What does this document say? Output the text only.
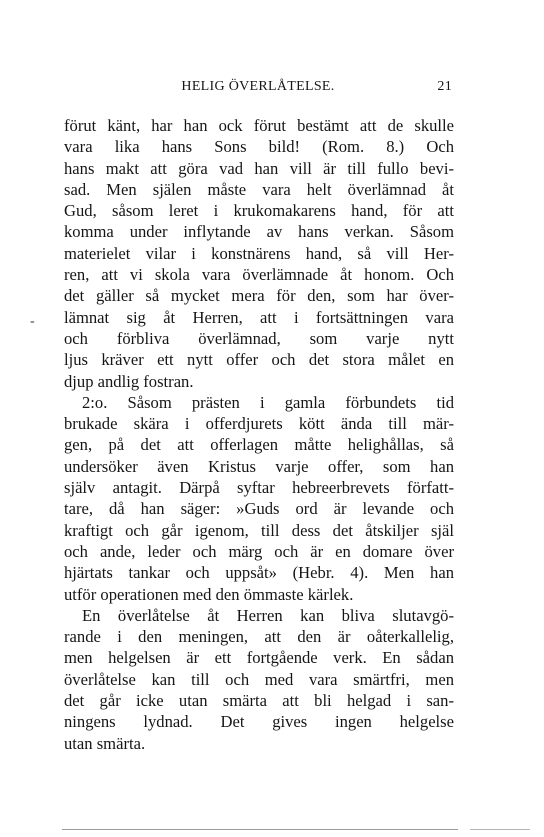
HELIG ÖVERLÅTELSE.	21
-
förut känt, har han ock förut bestämt att de skulle
vara lika hans Sons bild! (Rom. 8.) Och
hans makt att göra vad han vill är till fullo bevi-
sad. Men själen måste vara helt överlämnad åt
Gud, såsom leret i krukomakarens hand, för att
komma under inflytande av hans verkan. Såsom
materielet vilar i konstnärens hand, så vill Her-
ren, att vi skola vara överlämnade åt honom. Och
det gäller så mycket mera för den, som har över-
lämnat sig åt Herren, att i fortsättningen vara
och förbliva överlämnad, som varje nytt
ljus kräver ett nytt offer och det stora målet en
djup andlig fostran.
2:o. Såsom prästen i gamla förbundets tid
brukade skära i offerdjurets kött ända till mär-
gen, på det att offerlagen måtte helighållas, så
undersöker även Kristus varje offer, som han
själv antagit. Därpå syftar hebreerbrevets författ-
tare, då han säger: »Guds ord är levande och
kraftigt och går igenom, till dess det åtskiljer själ
och ande, leder och märg och är en domare över
hjärtats tankar och uppsåt» (Hebr. 4). Men han
utför operationen med den ömmaste kärlek.
En överlåtelse åt Herren kan bliva slutavgö-
rande i den meningen, att den är oåterkallelig,
men helgelsen är ett fortgående verk. En sådan
överlåtelse kan till och med vara smärtfri, men
det går icke utan smärta att bli helgad i san-
ningens lydnad. Det gives ingen helgelse
utan smärta.
